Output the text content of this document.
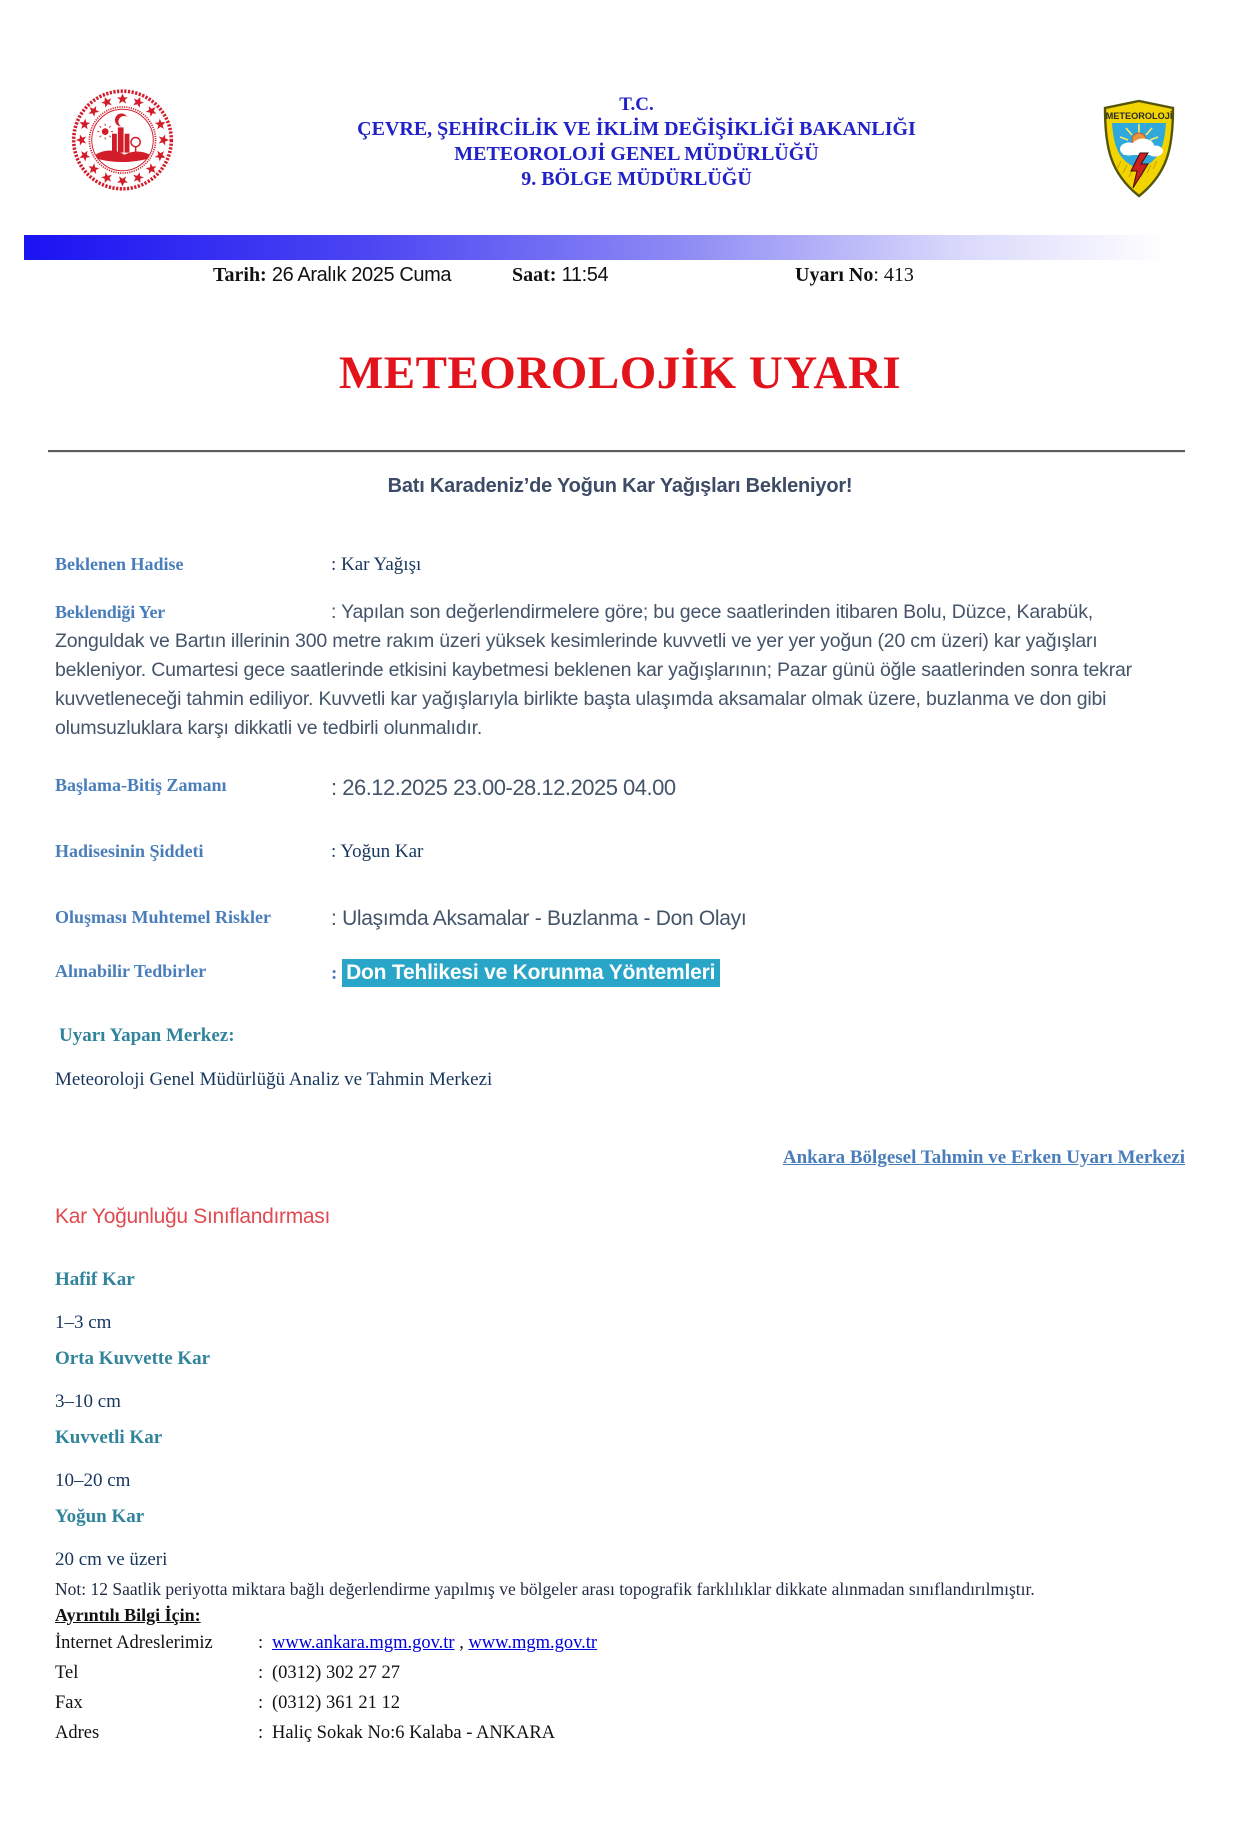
T.C.
ÇEVRE, ŞEHİRCİLİK VE İKLİM DEĞİŞİKLİĞİ BAKANLIĞI
METEOROLOJİ GENEL MÜDÜRLÜĞÜ
9. BÖLGE MÜDÜRLÜĞÜ
METEOROLOJİ
Tarih: 26 Aralık 2025 Cuma	Saat: 11:54	Uyarı No: 413
METEOROLOJİK UYARI
Batı Karadeniz’de Yoğun Kar Yağışları Bekleniyor!
Beklenen Hadise	: Kar Yağışı
Beklendiği Yer	: Yapılan son değerlendirmelere göre; bu gece saatlerinden itibaren Bolu, Düzce, Karabük, Zonguldak ve Bartın illerinin 300 metre rakım üzeri yüksek kesimlerinde kuvvetli ve yer yer yoğun (20 cm üzeri) kar yağışları bekleniyor. Cumartesi gece saatlerinde etkisini kaybetmesi beklenen kar yağışlarının; Pazar günü öğle saatlerinden sonra tekrar kuvvetleneceği tahmin ediliyor. Kuvvetli kar yağışlarıyla birlikte başta ulaşımda aksamalar olmak üzere, buzlanma ve don gibi olumsuzluklara karşı dikkatli ve tedbirli olunmalıdır.
Başlama-Bitiş Zamanı	: 26.12.2025 23.00-28.12.2025 04.00
Hadisesinin Şiddeti	: Yoğun Kar
Oluşması Muhtemel Riskler	: Ulaşımda Aksamalar - Buzlanma - Don Olayı
Alınabilir Tedbirler	: Don Tehlikesi ve Korunma Yöntemleri
Uyarı Yapan Merkez:
Meteoroloji Genel Müdürlüğü Analiz ve Tahmin Merkezi
Ankara Bölgesel Tahmin ve Erken Uyarı Merkezi
Kar Yoğunluğu Sınıflandırması
Hafif Kar
1–3 cm
Orta Kuvvette Kar
3–10 cm
Kuvvetli Kar
10–20 cm
Yoğun Kar
20 cm ve üzeri
Not: 12 Saatlik periyotta miktara bağlı değerlendirme yapılmış ve bölgeler arası topografik farklılıklar dikkate alınmadan sınıflandırılmıştır.
Ayrıntılı Bilgi İçin:
İnternet Adreslerimiz : www.ankara.mgm.gov.tr , www.mgm.gov.tr
Tel	: (0312) 302 27 27
Fax	: (0312) 361 21 12
Adres	: Haliç Sokak No:6 Kalaba - ANKARA
